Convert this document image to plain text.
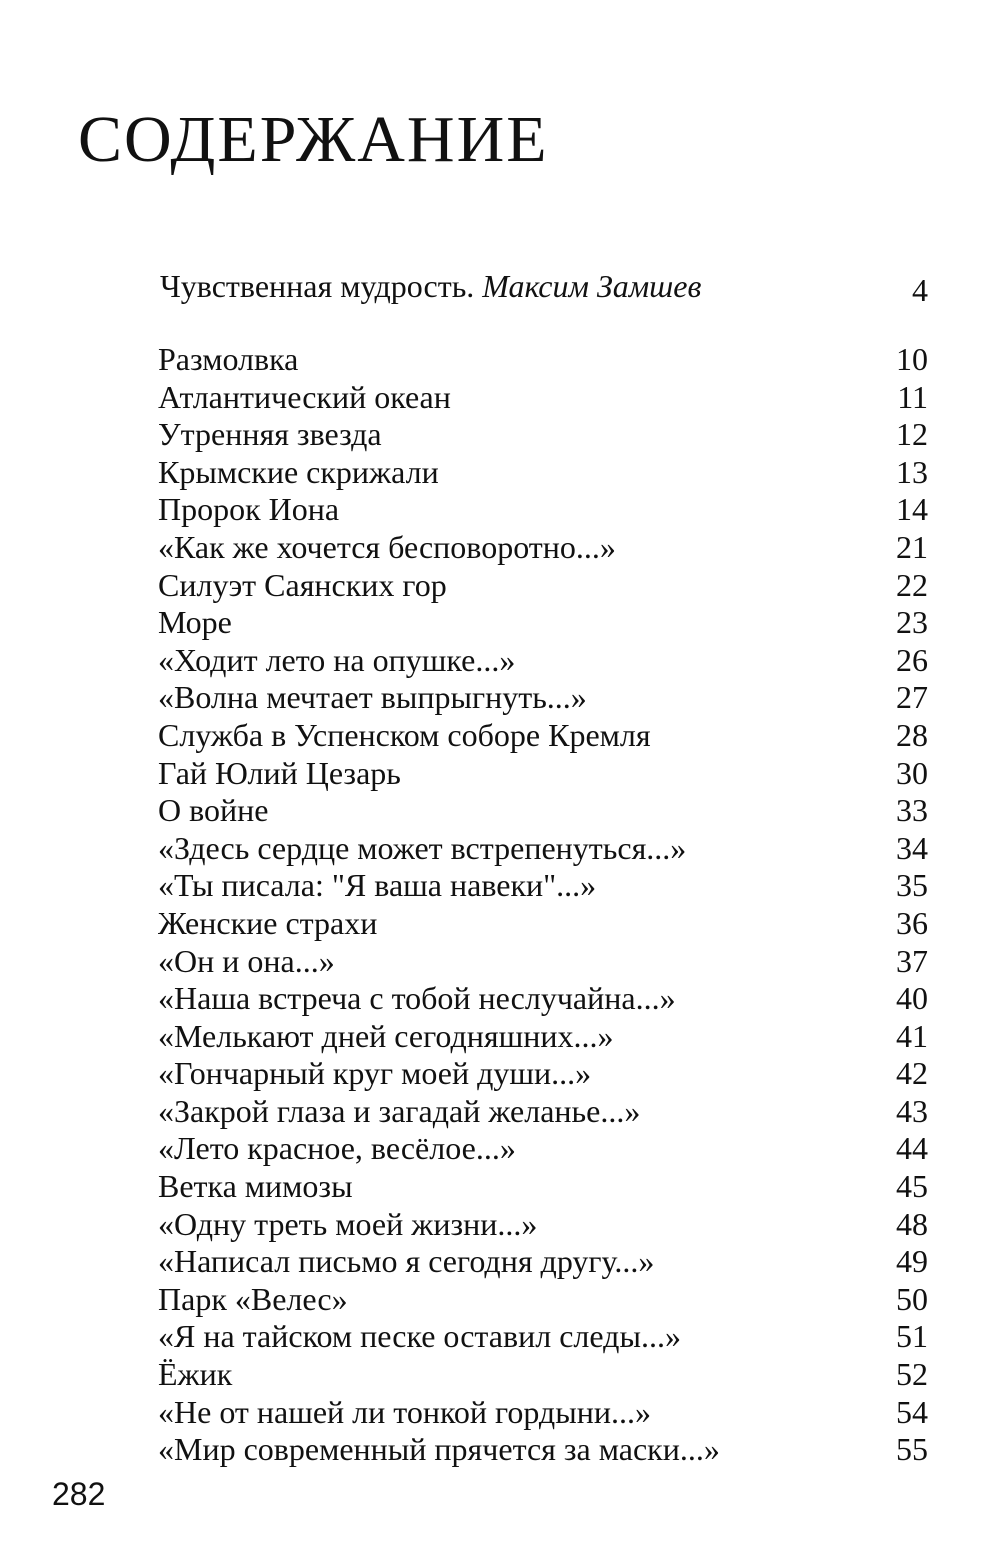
СОДЕРЖАНИЕ
Чувственная мудрость. Максим Замшев	4
Размолвка	10
Атлантический океан	11
Утренняя звезда	12
Крымские скрижали	13
Пророк Иона	14
«Как же хочется бесповоротно...»	21
Силуэт Саянских гор	22
Море	23
«Ходит лето на опушке...»	26
«Волна мечтает выпрыгнуть...»	27
Служба в Успенском соборе Кремля	28
Гай Юлий Цезарь	30
О войне	33
«Здесь сердце может встрепенуться...»	34
«Ты писала: "Я ваша навеки"...»	35
Женские страхи	36
«Он и она...»	37
«Наша встреча с тобой неслучайна...»	40
«Мелькают дней сегодняшних...»	41
«Гончарный круг моей души...»	42
«Закрой глаза и загадай желанье...»	43
«Лето красное, весёлое...»	44
Ветка мимозы	45
«Одну треть моей жизни...»	48
«Написал письмо я сегодня другу...»	49
Парк «Велес»	50
«Я на тайском песке оставил следы...»	51
Ёжик	52
«Не от нашей ли тонкой гордыни...»	54
«Мир современный прячется за маски...»	55
282
